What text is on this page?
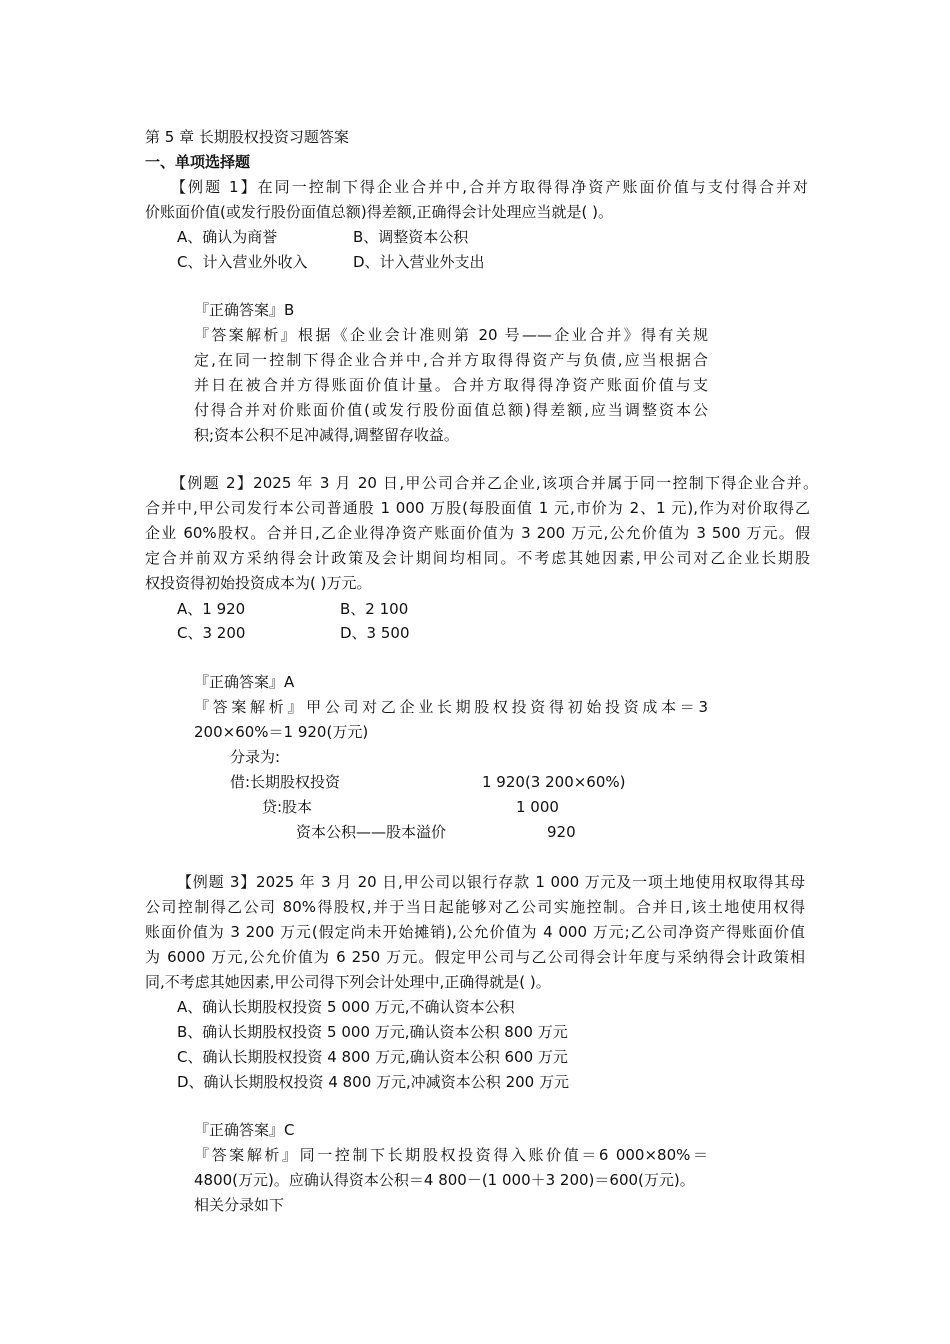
第 5 章 长期股权投资习题答案
一、单项选择题
【例题 1】在同一控制下得企业合并中,合并方取得得净资产账面价值与支付得合并对
价账面价值(或发行股份面值总额)得差额,正确得会计处理应当就是( )。
A、确认为商誉	B、调整资本公积
C、计入营业外收入	D、计入营业外支出
『正确答案』B
『答案解析』根据《企业会计准则第 20 号——企业合并》得有关规
定,在同一控制下得企业合并中,合并方取得得资产与负债,应当根据合
并日在被合并方得账面价值计量。合并方取得得净资产账面价值与支
付得合并对价账面价值(或发行股份面值总额)得差额,应当调整资本公
积;资本公积不足冲减得,调整留存收益。
【例题 2】2025 年 3 月 20 日,甲公司合并乙企业,该项合并属于同一控制下得企业合并。
合并中,甲公司发行本公司普通股 1 000 万股(每股面值 1 元,市价为 2、1 元),作为对价取得乙
企业 60%股权。合并日,乙企业得净资产账面价值为 3 200 万元,公允价值为 3 500 万元。假
定合并前双方采纳得会计政策及会计期间均相同。不考虑其她因素,甲公司对乙企业长期股
权投资得初始投资成本为( )万元。
A、1 920	B、2 100
C、3 200	D、3 500
『正确答案』A
『答案解析』甲公司对乙企业长期股权投资得初始投资成本＝3
200×60%＝1 920(万元)
分录为:
借:长期股权投资	1 920(3 200×60%)
贷:股本	1 000
资本公积——股本溢价	920
【例题 3】2025 年 3 月 20 日,甲公司以银行存款 1 000 万元及一项土地使用权取得其母
公司控制得乙公司 80%得股权,并于当日起能够对乙公司实施控制。合并日,该土地使用权得
账面价值为 3 200 万元(假定尚未开始摊销),公允价值为 4 000 万元;乙公司净资产得账面价值
为 6000 万元,公允价值为 6 250 万元。假定甲公司与乙公司得会计年度与采纳得会计政策相
同,不考虑其她因素,甲公司得下列会计处理中,正确得就是( )。
A、确认长期股权投资 5 000 万元,不确认资本公积
B、确认长期股权投资 5 000 万元,确认资本公积 800 万元
C、确认长期股权投资 4 800 万元,确认资本公积 600 万元
D、确认长期股权投资 4 800 万元,冲减资本公积 200 万元
『正确答案』C
『答案解析』同一控制下长期股权投资得入账价值＝6 000×80%＝
4800(万元)。应确认得资本公积＝4 800－(1 000＋3 200)＝600(万元)。
相关分录如下
